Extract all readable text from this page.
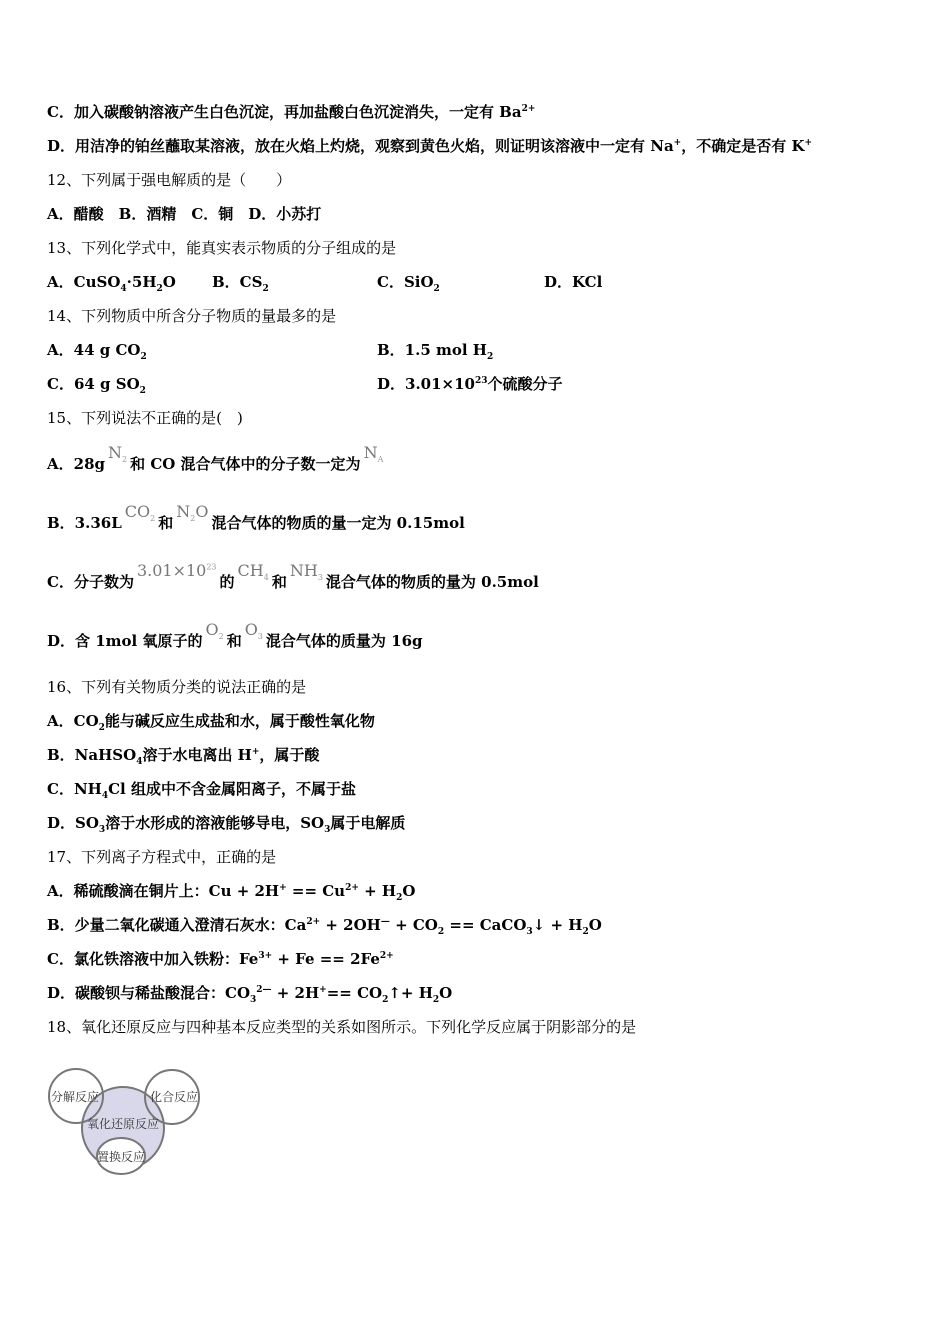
C．加入碳酸钠溶液产生白色沉淀，再加盐酸白色沉淀消失，一定有 $Ba^{2+}$
D．用洁净的铂丝蘸取某溶液，放在火焰上灼烧，观察到黄色火焰，则证明该溶液中一定有 Na+，不确定是否有 K+
12、下列属于强电解质的是（　　）
A．醋酸　B．酒精　C．铜　D．小苏打
13、下列化学式中，能真实表示物质的分子组成的是
A．$CuSO_4\cdot 5H_2O$ B．$CS_2$	C．SiO$_2$	D．KCl
14、下列物质中所含分子物质的量最多的是
A．44 g $CO_2$	B．1.5 mol $H_2$
C．64 g $SO_2$	D．$3.01\times 10^{23}$个硫酸分子
15、下列说法不正确的是(　)
A．$28gN_2$ 和 CO 混合气体中的分子数一定为$N_A$
B．$3.36LCO_2$ 和$N_2O$混合气体的物质的量一定为 0.15mol
C．分子数为$3.01\times 10^{23}$的$CH_4$ 和$NH_3$ 混合气体的物质的量为 0.5mol
D．含 1mol 氧原子的$O_2$ 和$O_3$ 混合气体的质量为 16g
16、下列有关物质分类的说法正确的是
A．$CO_2$能与碱反应生成盐和水，属于酸性氧化物
B．NaHSO$_4$溶于水电离出 H+，属于酸
C．$NH_4Cl$ 组成中不含金属阳离子，不属于盐
D．$SO_3$溶于水形成的溶液能够导电，$SO_3$属于电解质
17、下列离子方程式中，正确的是
A．稀硫酸滴在铜片上：$Cu + 2H^+ == Cu^{2+} + H_2O$
B．少量二氧化碳通入澄清石灰水：$Ca^{2+} + 2OH^— + CO_2$ == CaCO$_3$↓ + $H_2O$
C．氯化铁溶液中加入铁粉：$Fe^{3+} + Fe == 2Fe^{2+}$
D．碳酸钡与稀盐酸混合：$CO_3^{2—} + 2H^+==$ $CO_2↑+ H_2O$
18、氧化还原反应与四种基本反应类型的关系如图所示。下列化学反应属于阴影部分的是
分解反应	化合反应
氧化还原反应
置换反应
